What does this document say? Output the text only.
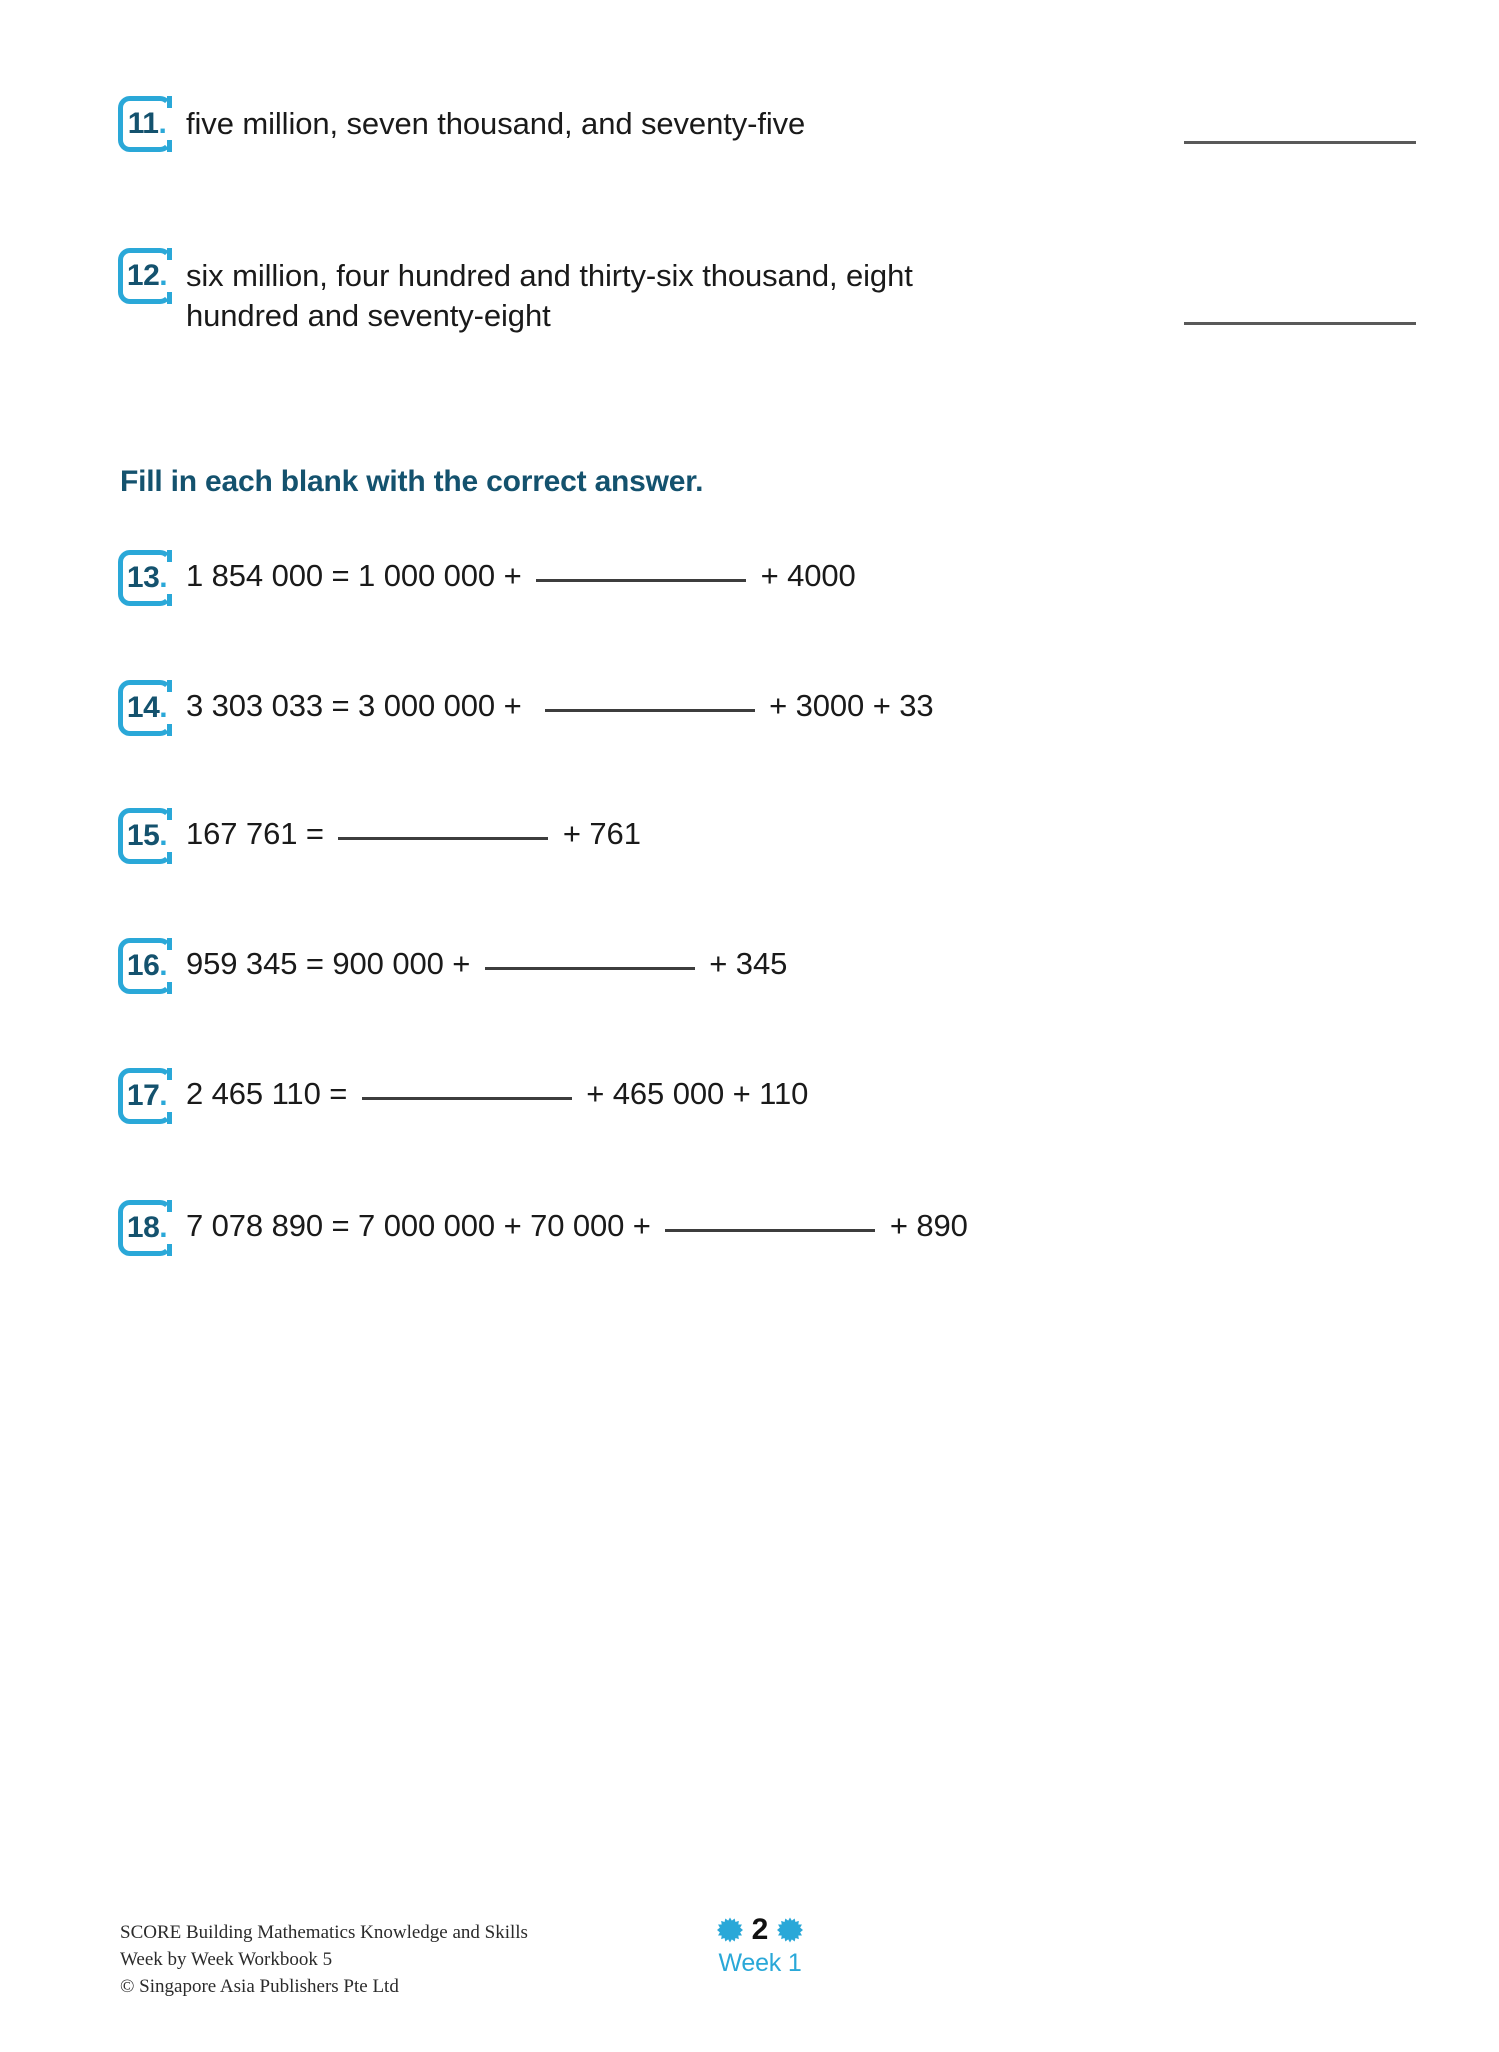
11 . five million, seven thousand, and seventy-five
12 . six million, four hundred and thirty-six thousand, eight hundred and seventy-eight
Fill in each blank with the correct answer.
13 . 1 854 000 = 1 000 000 +	+ 4000
14 . 3 303 033 = 3 000 000 +	+ 3000 + 33
15 . 167 761 =	+ 761
16 . 959 345 = 900 000 +	+ 345
17 . 2 465 110 =	+ 465 000 + 110
18 . 7 078 890 = 7 000 000 + 70 000 +	+ 890
SCORE Building Mathematics Knowledge and Skills
Week by Week Workbook 5
© Singapore Asia Publishers Pte Ltd
2
Week 1
